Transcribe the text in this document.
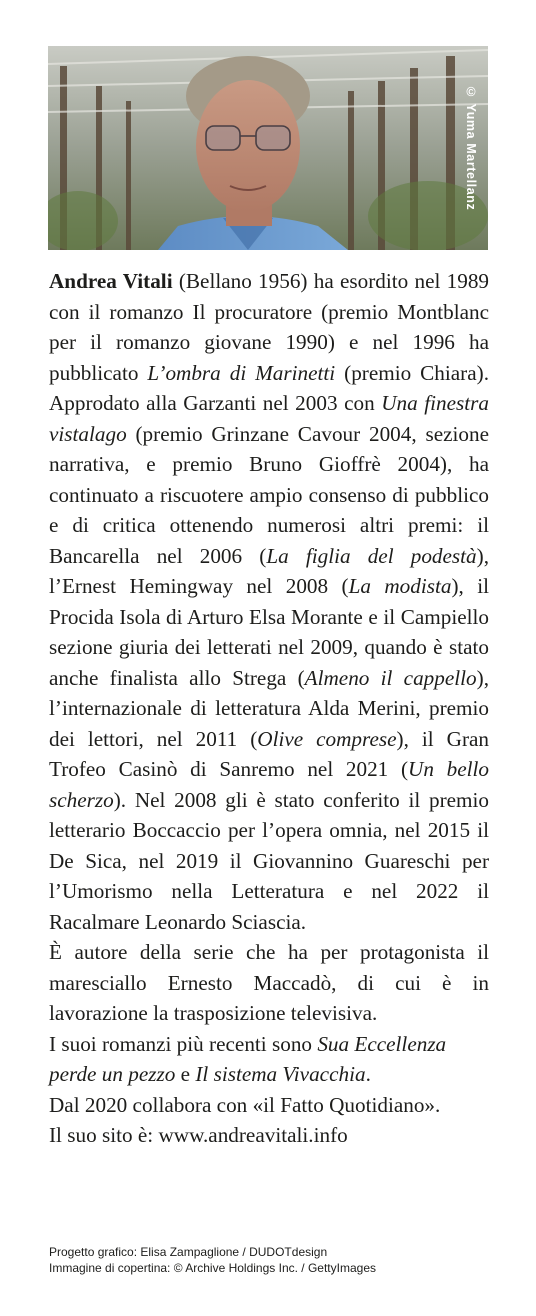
© Yuma Martellanz

Andrea Vitali (Bellano 1956) ha esordito nel 1989 con il romanzo Il procuratore (premio Montblanc per il romanzo giovane 1990) e nel 1996 ha pubblicato L’ombra di Marinetti (premio Chiara). Approdato alla Garzanti nel 2003 con Una finestra vistalago (premio Grinzane Cavour 2004, sezione narrativa, e premio Bruno Gioffrè 2004), ha continuato a riscuotere ampio consenso di pubblico e di critica ottenendo numerosi altri premi: il Bancarella nel 2006 (La figlia del podestà), l’Ernest Hemingway nel 2008 (La modista), il Procida Isola di Arturo Elsa Morante e il Campiello sezione giuria dei letterati nel 2009, quando è stato anche finalista allo Strega (Almeno il cappello), l’internazionale di letteratura Alda Merini, premio dei lettori, nel 2011 (Olive comprese), il Gran Trofeo Casinò di Sanremo nel 2021 (Un bello scherzo). Nel 2008 gli è stato conferito il premio letterario Boccaccio per l’opera omnia, nel 2015 il De Sica, nel 2019 il Giovannino Guareschi per l’Umorismo nella Letteratura e nel 2022 il Racalmare Leonardo Sciascia.

È autore della serie che ha per protagonista il maresciallo Ernesto Maccadò, di cui è in lavorazione la trasposizione televisiva.

I suoi romanzi più recenti sono Sua Eccellenza perde un pezzo e Il sistema Vivacchia.

Dal 2020 collabora con «il Fatto Quotidiano».

Il suo sito è: www.andreavitali.info

Progetto grafico: Elisa Zampaglione / DUDOTdesign
Immagine di copertina: © Archive Holdings Inc. / GettyImages
